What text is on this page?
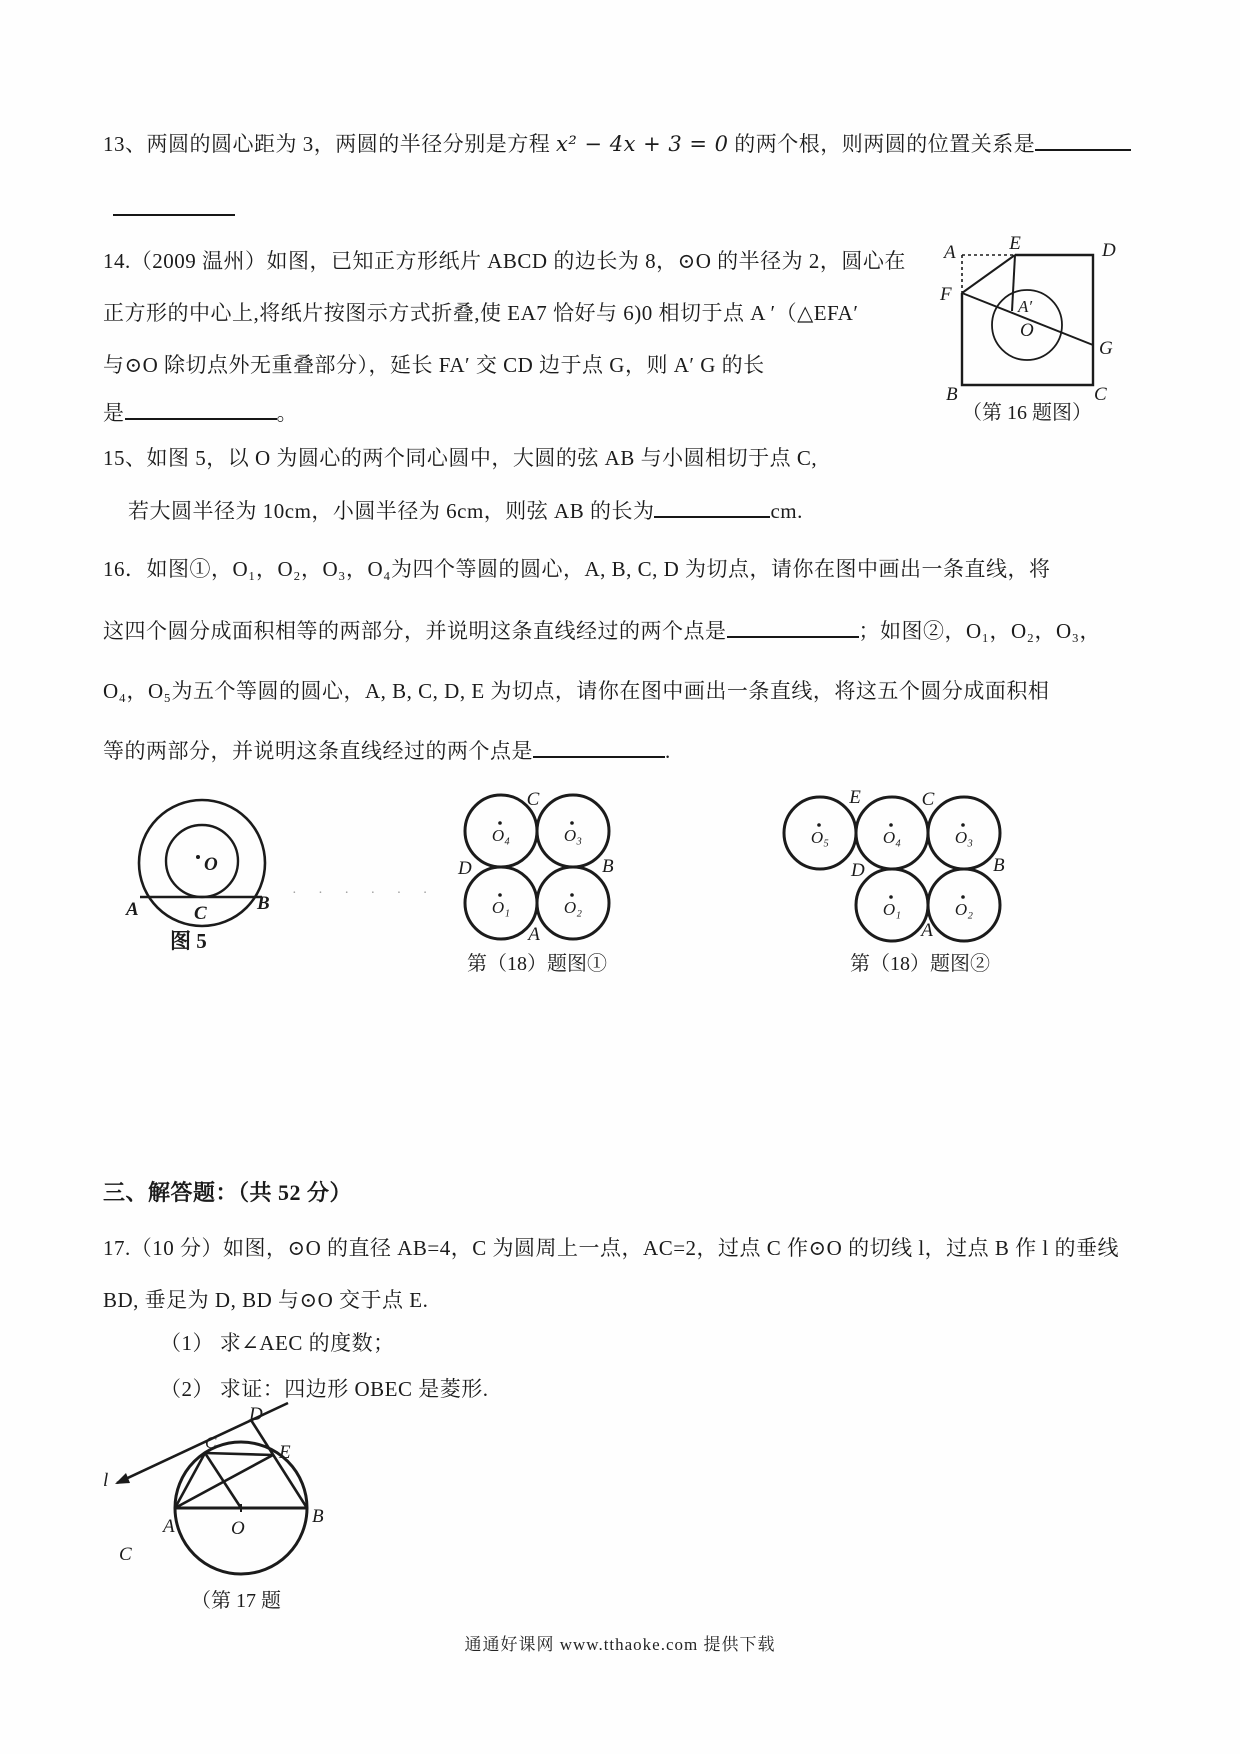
13、两圆的圆心距为 3，两圆的半径分别是方程 x² − 4x + 3 = 0 的两个根，则两圆的位置关系是
14.（2009 温州）如图，已知正方形纸片 ABCD 的边长为 8，⊙O 的半径为 2，圆心在
正方形的中心上,将纸片按图示方式折叠,使 EA7 恰好与 6)0 相切于点 A ′（△EFA′
与⊙O 除切点外无重叠部分），延长 FA′ 交 CD 边于点 G，则 A′ G 的长
是	。
A	E	D
F
A′
O
G
B	C
（第 16 题图）
15、如图 5，以 O 为圆心的两个同心圆中，大圆的弦 AB 与小圆相切于点 C,
若大圆半径为 10cm，小圆半径为 6cm，则弦 AB 的长为	cm.
16．如图①，O₁，O₂，O₃，O₄为四个等圆的圆心，A, B, C, D 为切点，请你在图中画出一条直线，将
这四个圆分成面积相等的两部分，并说明这条直线经过的两个点是	；如图②，O₁，O₂，O₃，
O₄，O₅为五个等圆的圆心，A, B, C, D, E 为切点，请你在图中画出一条直线，将这五个圆分成面积相
等的两部分，并说明这条直线经过的两个点是	.
O
A	C	B
图 5
· · · · · ·
O₄	O₃
O₁	O₂
C
D	B
A
第（18）题图①
O₅	O₄	O₃
O₁	O₂
E	C
D	B
A
第（18）题图②
三、解答题：（共 52 分）
17.（10 分）如图，⊙O 的直径 AB=4，C 为圆周上一点，AC=2，过点 C 作⊙O 的切线 l，过点 B 作 l 的垂线
BD, 垂足为 D, BD 与⊙O 交于点 E.
（1） 求∠AEC 的度数；
（2） 求证：四边形 OBEC 是菱形.
D
C	E
l
A	O
B
C
（第 17 题
通通好课网 www.tthaoke.com 提供下载
